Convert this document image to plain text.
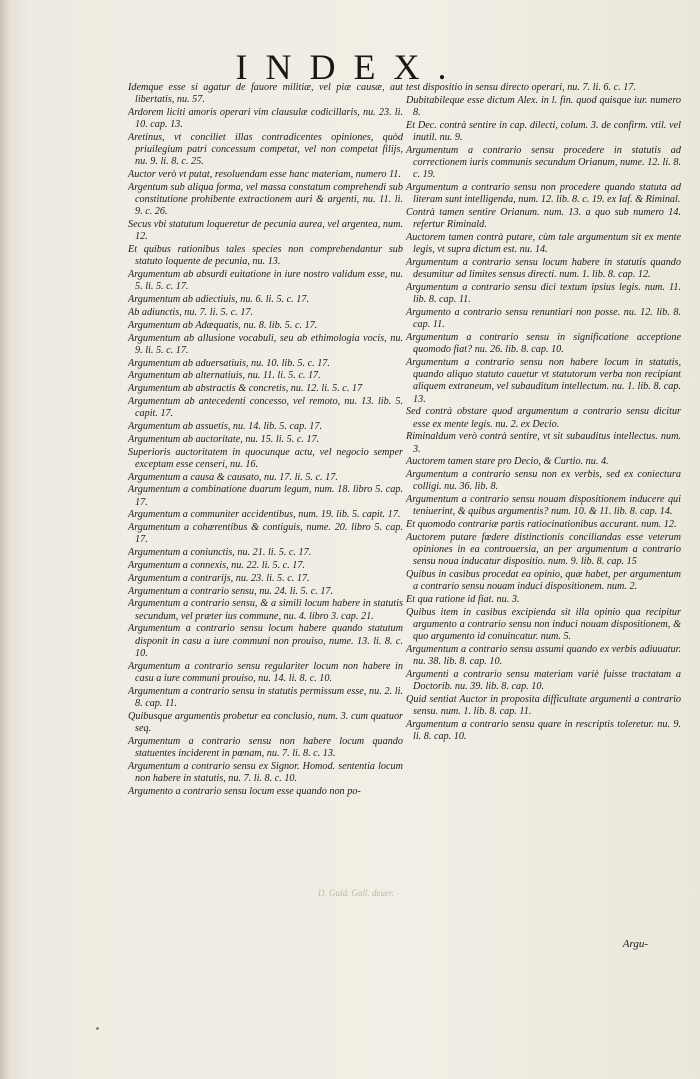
INDEX.

Idemque esse si agatur de fauore militiæ, vel piæ causæ, aut libertatis, nu. 57.

Ardorem liciti amoris operari vim clausulæ codicillaris, nu. 23. li. 10. cap. 13.

Aretinus, vt conciliet illas contradicentes opiniones, quòd priuilegium patri concessum competat, vel non competat filijs, nu. 9. li. 8. c. 25.

Auctor verò vt putat, resoluendam esse hanc materiam, numero 11.

Argentum sub aliqua forma, vel massa constatum comprehendi sub constitutione prohibente extractionem auri & argenti, nu. 11. li. 9. c. 26.

Secus vbi statutum loqueretur de pecunia aurea, vel argentea, num. 12.

Et quibus rationibus tales species non comprehendantur sub statuto loquente de pecunia, nu. 13.

Argumentum ab absurdi euitatione in iure nostro validum esse, nu. 5. li. 5. c. 17.

Argumentum ab adiectiuis, nu. 6. li. 5. c. 17.

Ab adiunctis, nu. 7. li. 5. c. 17.

Argumentum ab Adæquatis, nu. 8. lib. 5. c. 17.

Argumentum ab allusione vocabuli, seu ab ethimologia vocis, nu. 9. li. 5. c. 17.

Argumentum ab aduersatiuis, nu. 10. lib. 5. c. 17.

Argumentum ab alternatiuis, nu. 11. li. 5. c. 17.

Argumentum ab abstractis & concretis, nu. 12. li. 5. c. 17

Argumentum ab antecedenti concesso, vel remoto, nu. 13. lib. 5. capit. 17.

Argumentum ab assuetis, nu. 14. lib. 5. cap. 17.

Argumentum ab auctoritate, nu. 15. li. 5. c. 17.

Superioris auctoritatem in quocunque actu, vel negocio semper exceptam esse censeri, nu. 16.

Argumentum a causa & causato, nu. 17. li. 5. c. 17.

Argumentum a combinatione duarum legum, num. 18. libro 5. cap. 17.

Argumentum a communiter accidentibus, num. 19. lib. 5. capit. 17.

Argumentum a cohærentibus & contiguis, nume. 20. libro 5. cap. 17.

Argumentum a coniunctis, nu. 21. li. 5. c. 17.

Argumentum a connexis, nu. 22. li. 5. c. 17.

Argumentum a contrarijs, nu. 23. li. 5. c. 17.

Argumentum a contrario sensu, nu. 24. li. 5. c. 17.

Argumentum a contrario sensu, & a simili locum habere in statutis secundum, vel præter ius commune, nu. 4. libro 3. cap. 21.

Argumentum a contrario sensu locum habere quando statutum disponit in casu a iure communi non prouiso, nume. 13. li. 8. c. 10.

Argumentum a contrario sensu regulariter locum non habere in casu a iure communi prouiso, nu. 14. li. 8. c. 10.

Argumentum a contrario sensu in statutis permissum esse, nu. 2. li. 8. cap. 11.

Quibusque argumentis probetur ea conclusio, num. 3. cum quatuor seq.

Argumentum a contrario sensu non habere locum quando statuentes inciderent in pœnam, nu. 7. li. 8. c. 13.

Argumentum a contrario sensu ex Signor. Homod. sententia locum non habere in statutis, nu. 7. li. 8. c. 10.

Argumento a contrario sensu locum esse quando non po-

test dispositio in sensu directo operari, nu. 7. li. 6. c. 17.

Dubitabileque esse dictum Alex. in l. fin. quod quisque iur. numero 8.

Et Dec. contrà sentire in cap. dilecti, colum. 3. de confirm. vtil. vel inutil. nu. 9.

Argumentum a contrario sensu procedere in statutis ad correctionem iuris communis secundum Orianum, nume. 12. li. 8. c. 19.

Argumentum a contrario sensu non procedere quando statuta ad literam sunt intelligenda, num. 12. lib. 8. c. 19. ex Iaf. & Riminal.

Contrà tamen sentire Orianum. num. 13. a quo sub numero 14. refertur Riminald.

Auctorem tamen contrà putare, cùm tale argumentum sit ex mente legis, vt supra dictum est. nu. 14.

Argumentum a contrario sensu locum habere in statutis quando desumitur ad limites sensus directi. num. 1. lib. 8. cap. 12.

Argumentum a contrario sensu dici textum ipsius legis. num. 11. lib. 8. cap. 11.

Argumento a contrario sensu renuntiari non posse. nu. 12. lib. 8. cap. 11.

Argumentum a contrario sensu in significatione acceptione quomodo fiat? nu. 26. lib. 8. cap. 10.

Argumentum a contrario sensu non habere locum in statutis, quando aliquo statuto cauetur vt statutorum verba non recipiant aliquem extraneum, vel subauditum intellectum. nu. 1. lib. 8. cap. 13.

Sed contrà obstare quod argumentum a contrario sensu dicitur esse ex mente legis. nu. 2. ex Decio.

Riminaldum verò contrà sentire, vt sit subauditus intellectus. num. 3.

Auctorem tamen stare pro Decio, & Curtio. nu. 4.

Argumentum a contrario sensu non ex verbis, sed ex coniectura colligi. nu. 36. lib. 8.

Argumentum a contrario sensu nouam dispositionem inducere qui teniuerint, & quibus argumentis? num. 10. & 11. lib. 8. cap. 14.

Et quomodo contrariæ partis ratiocinationibus accurant. num. 12.

Auctorem putare fœdere distinctionis conciliandas esse veterum opiniones in ea controuersia, an per argumentum a contrario sensu noua inducatur dispositio. num. 9. lib. 8. cap. 15

Quibus in casibus procedat ea opinio, quæ habet, per argumentum a contrario sensu nouam induci dispositionem. num. 2.

Et qua ratione id fiat. nu. 3.

Quibus item in casibus excipienda sit illa opinio qua recipitur argumento a contrario sensu non induci nouam dispositionem, & quo argumento id conuincatur. num. 5.

Argumentum a contrario sensu assumi quando ex verbis adiuuatur. nu. 38. lib. 8. cap. 10.

Argumenti a contrario sensu materiam variè fuisse tractatam a Doctorib. nu. 39. lib. 8. cap. 10.

Quid sentiat Auctor in proposita difficultate argumenti a contrario sensu. num. 1. lib. 8. cap. 11.

Argumentum a contrario sensu quare in rescriptis toleretur. nu. 9. li. 8. cap. 10.

D. Guid. Gall. deuer.
Argu-
